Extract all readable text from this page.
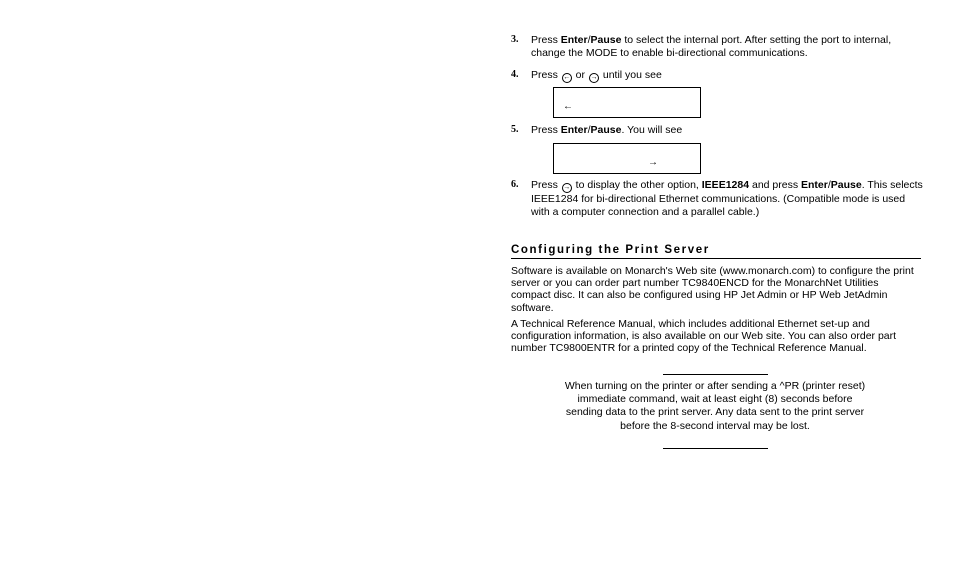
3. Press Enter/Pause to select the internal port. After setting the port to internal, change the MODE to enable bi-directional communications.
4. Press ← or → until you see
←
5. Press Enter/Pause. You will see
→
6. Press → to display the other option, IEEE1284 and press Enter/Pause. This selects IEEE1284 for bi-directional Ethernet communications. (Compatible mode is used with a computer connection and a parallel cable.)
Configuring the Print Server

Software is available on Monarch's Web site (www.monarch.com) to configure the print server or you can order part number TC9840ENCD for the MonarchNet Utilities compact disc. It can also be configured using HP Jet Admin or HP Web JetAdmin software.

A Technical Reference Manual, which includes additional Ethernet set-up and configuration information, is also available on our Web site. You can also order part number TC9800ENTR for a printed copy of the Technical Reference Manual.

When turning on the printer or after sending a ^PR (printer reset) immediate command, wait at least eight (8) seconds before sending data to the print server. Any data sent to the print server before the 8-second interval may be lost.
